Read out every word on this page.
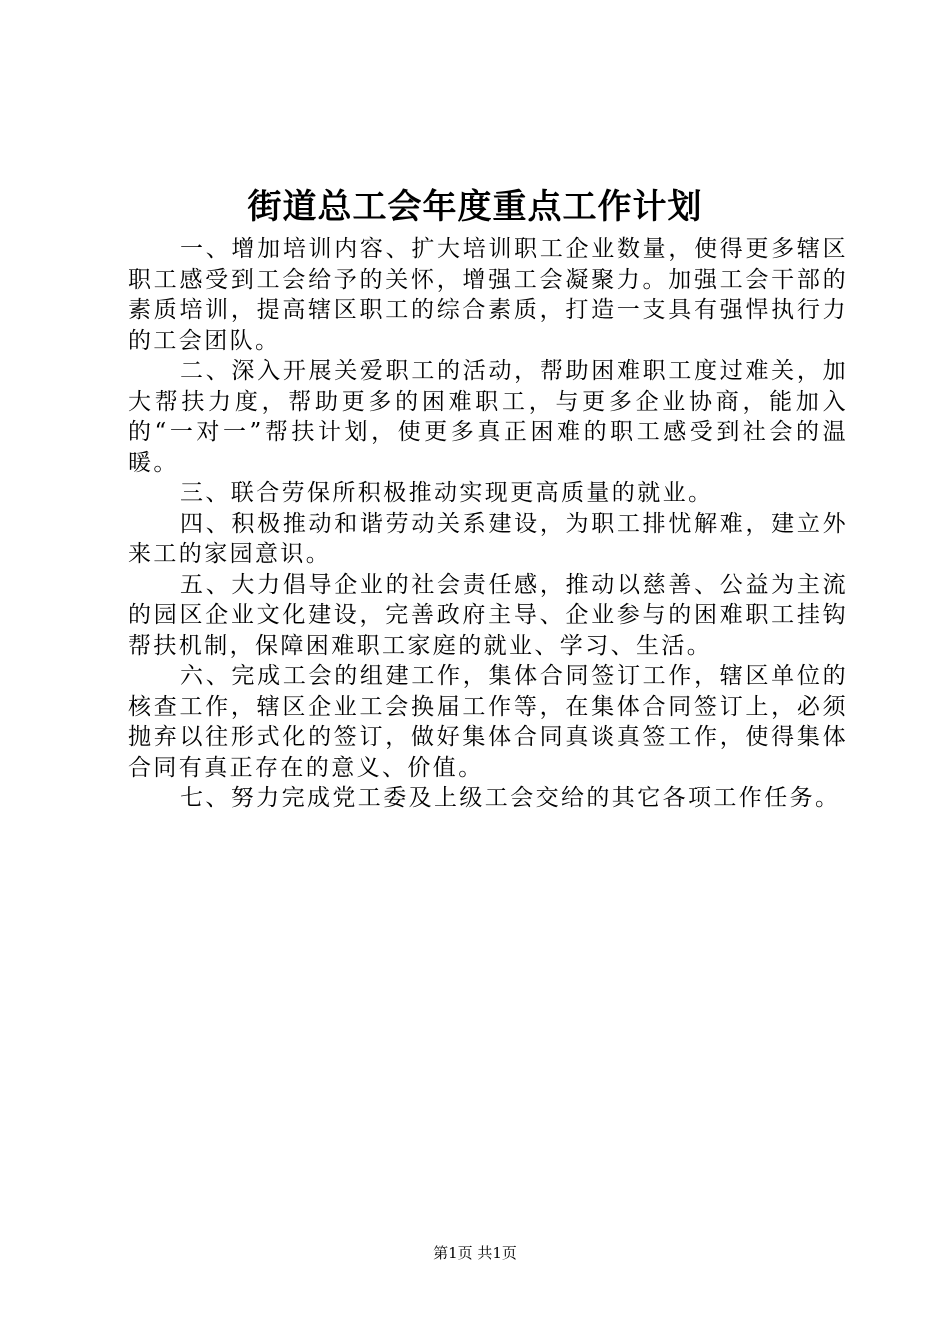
街道总工会年度重点工作计划

一、增加培训内容、扩大培训职工企业数量，使得更多辖区职工感受到工会给予的关怀，增强工会凝聚力。加强工会干部的素质培训，提高辖区职工的综合素质，打造一支具有强悍执行力的工会团队。

二、深入开展关爱职工的活动，帮助困难职工度过难关，加大帮扶力度，帮助更多的困难职工，与更多企业协商，能加入的“一对一”帮扶计划，使更多真正困难的职工感受到社会的温暖。

三、联合劳保所积极推动实现更高质量的就业。

四、积极推动和谐劳动关系建设，为职工排忧解难，建立外来工的家园意识。

五、大力倡导企业的社会责任感，推动以慈善、公益为主流的园区企业文化建设，完善政府主导、企业参与的困难职工挂钩帮扶机制，保障困难职工家庭的就业、学习、生活。

六、完成工会的组建工作，集体合同签订工作，辖区单位的核查工作，辖区企业工会换届工作等，在集体合同签订上，必须抛弃以往形式化的签订，做好集体合同真谈真签工作，使得集体合同有真正存在的意义、价值。

七、努力完成党工委及上级工会交给的其它各项工作任务。

第1页 共1页
